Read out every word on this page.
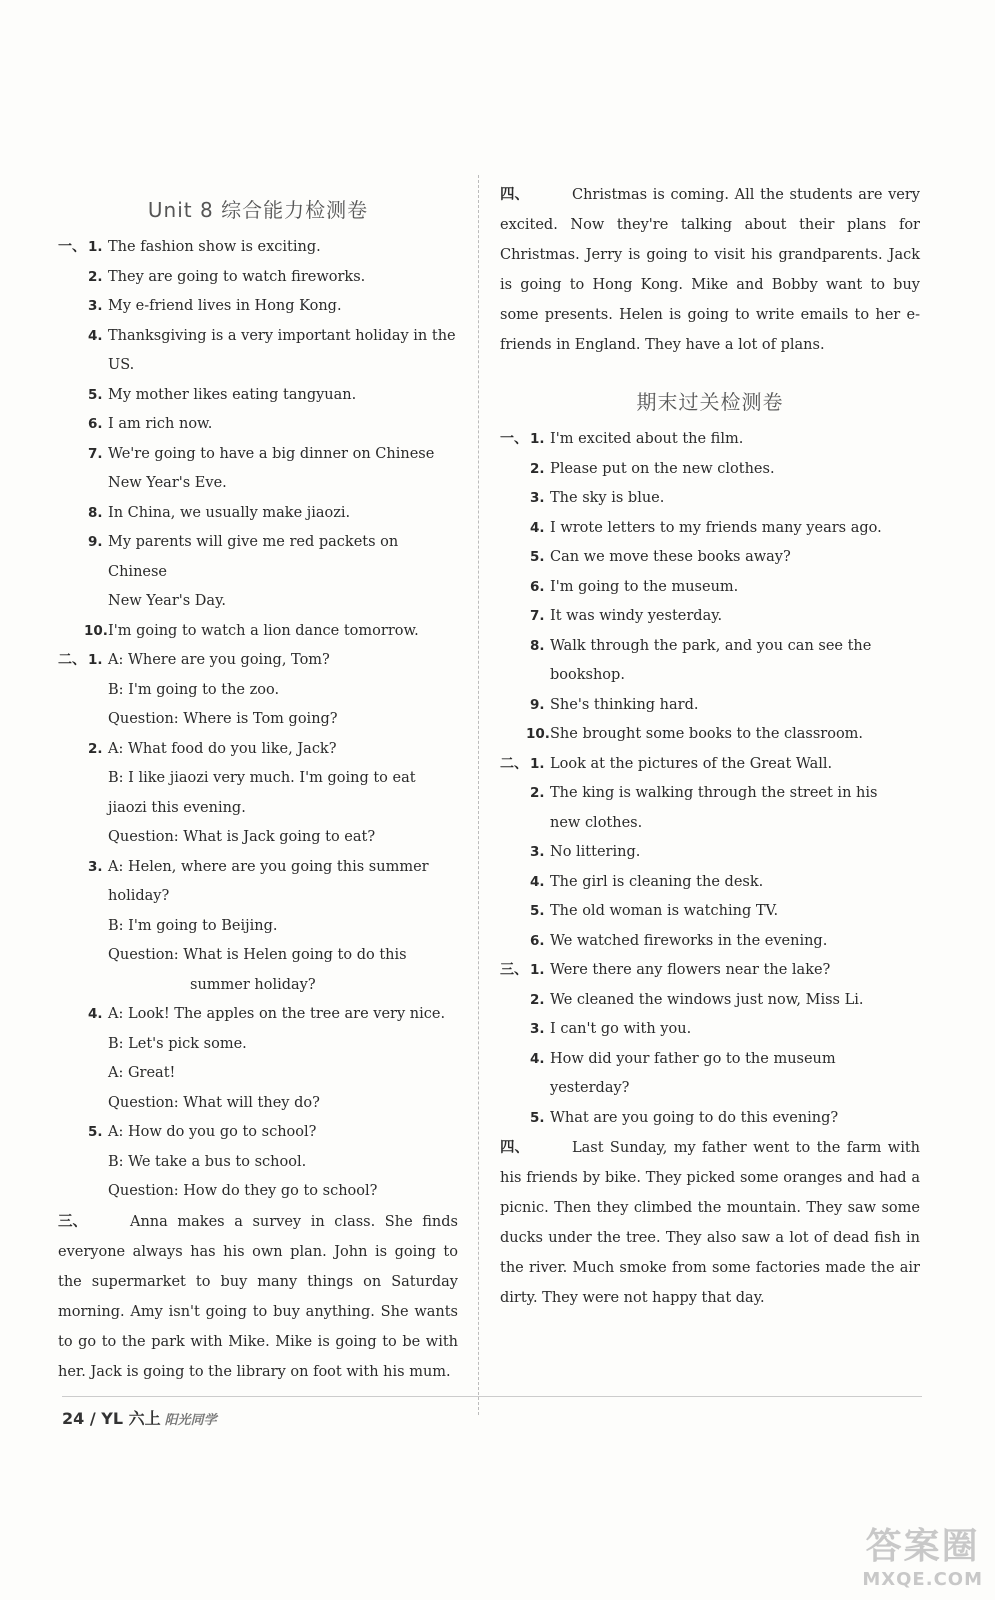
Unit 8 综合能力检测卷
一、 1. The fashion show is exciting.
2. They are going to watch fireworks.
3. My e-friend lives in Hong Kong.
4. Thanksgiving is a very important holiday in the
US.
5. My mother likes eating tangyuan.
6. I am rich now.
7. We're going to have a big dinner on Chinese
New Year's Eve.
8. In China, we usually make jiaozi.
9. My parents will give me red packets on Chinese
New Year's Day.
10. I'm going to watch a lion dance tomorrow.
二、 1. A: Where are you going, Tom?
B: I'm going to the zoo.
Question: Where is Tom going?
2. A: What food do you like, Jack?
B: I like jiaozi very much. I'm going to eat
jiaozi this evening.
Question: What is Jack going to eat?
3. A: Helen, where are you going this summer
holiday?
B: I'm going to Beijing.
Question: What is Helen going to do this
summer holiday?
4. A: Look! The apples on the tree are very nice.
B: Let's pick some.
A: Great!
Question: What will they do?
5. A: How do you go to school?
B: We take a bus to school.
Question: How do they go to school?
三、	Anna makes a survey in class. She finds everyone always has his own plan. John is going to the supermarket to buy many things on Saturday morning. Amy isn't going to buy anything. She wants to go to the park with Mike. Mike is going to be with her. Jack is going to the library on foot with his mum.
四、	Christmas is coming. All the students are very excited. Now they're talking about their plans for Christmas. Jerry is going to visit his grandparents. Jack is going to Hong Kong. Mike and Bobby want to buy some presents. Helen is going to write emails to her e-friends in England. They have a lot of plans.
期末过关检测卷
一、 1. I'm excited about the film.
2. Please put on the new clothes.
3. The sky is blue.
4. I wrote letters to my friends many years ago.
5. Can we move these books away?
6. I'm going to the museum.
7. It was windy yesterday.
8. Walk through the park, and you can see the
bookshop.
9. She's thinking hard.
10. She brought some books to the classroom.
二、 1. Look at the pictures of the Great Wall.
2. The king is walking through the street in his
new clothes.
3. No littering.
4. The girl is cleaning the desk.
5. The old woman is watching TV.
6. We watched fireworks in the evening.
三、 1. Were there any flowers near the lake?
2. We cleaned the windows just now, Miss Li.
3. I can't go with you.
4. How did your father go to the museum
yesterday?
5. What are you going to do this evening?
四、	Last Sunday, my father went to the farm with his friends by bike. They picked some oranges and had a picnic. Then they climbed the mountain. They saw some ducks under the tree. They also saw a lot of dead fish in the river. Much smoke from some factories made the air dirty. They were not happy that day.
24 / YL 六上 阳光同学
答案圈
MXQE.COM
